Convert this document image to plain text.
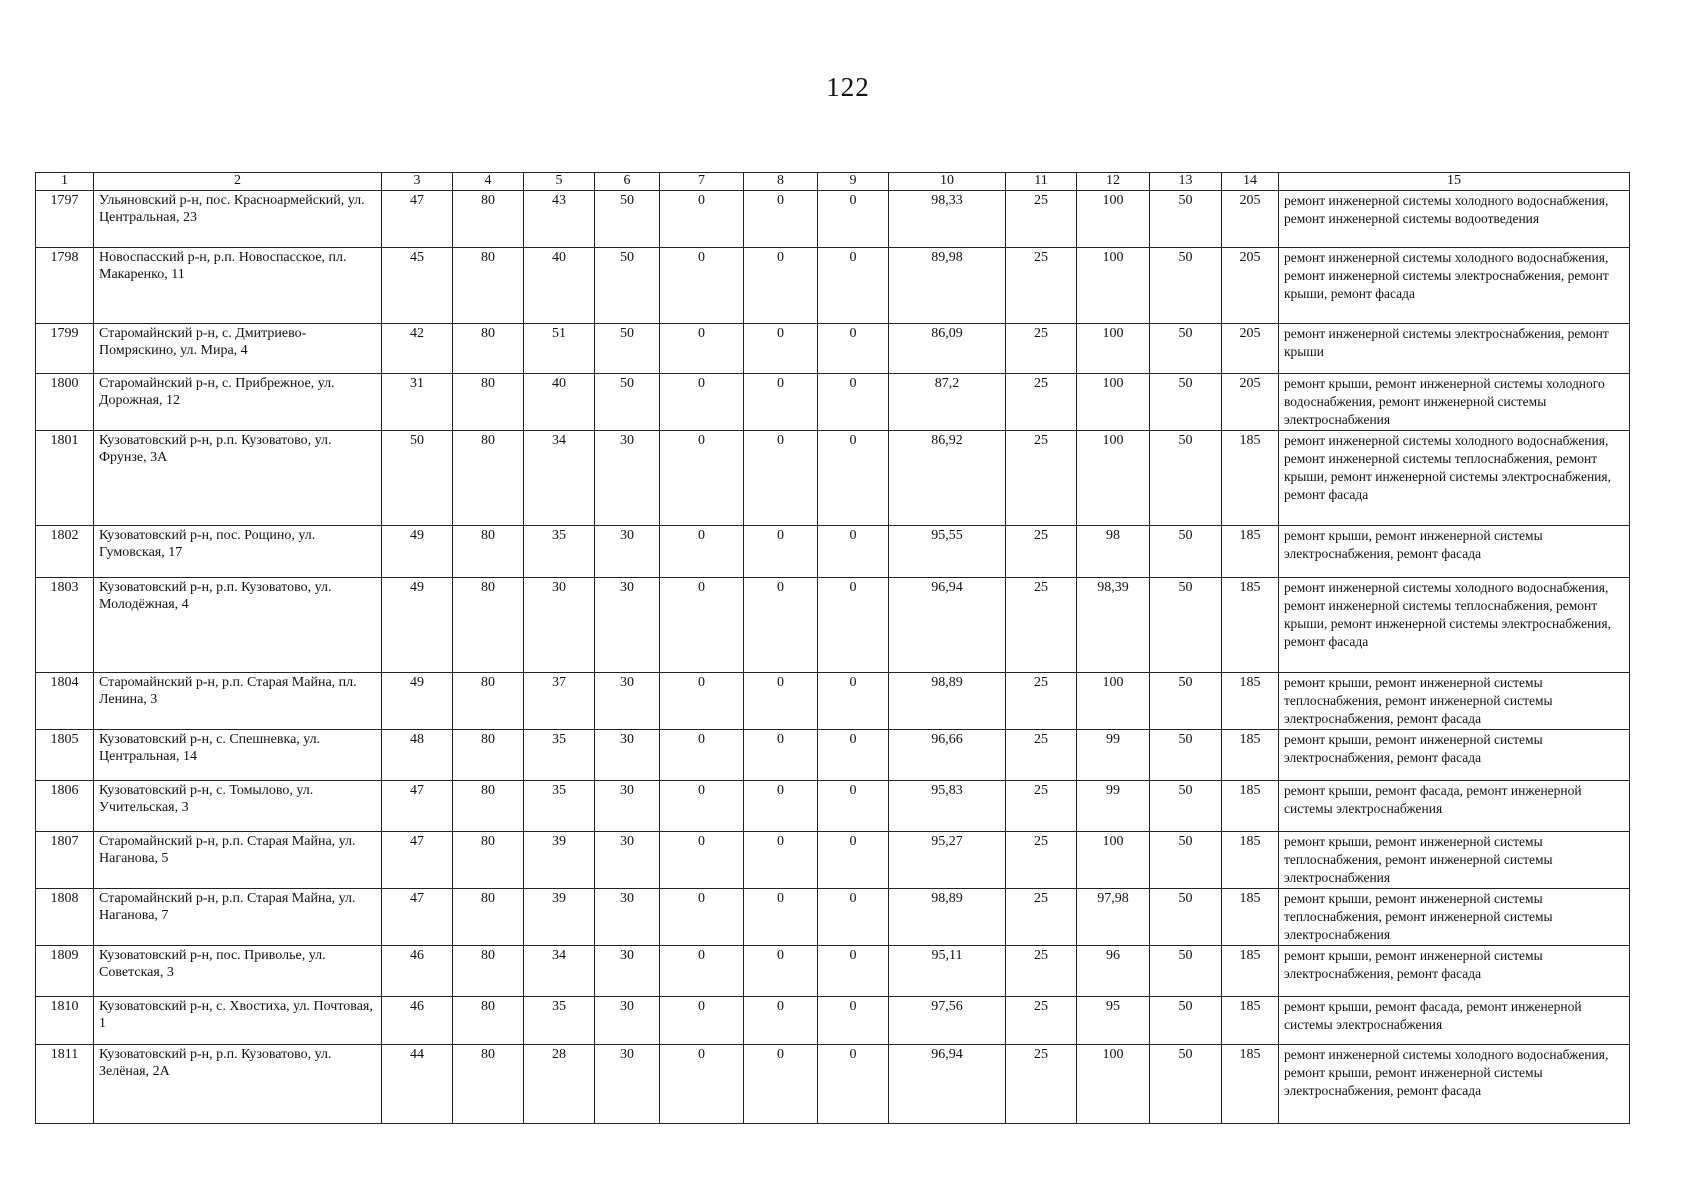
122
1	2	3	4	5	6	7	8	9	10	11	12	13	14	15
1797	Ульяновский р-н, пос. Красноармейский, ул. Центральная, 23	47	80	43	50	0	0	0	98,33	25	100	50	205	ремонт инженерной системы холодного водоснабжения, ремонт инженерной системы водоотведения
1798	Новоспасский р-н, р.п. Новоспасское, пл. Макаренко, 11	45	80	40	50	0	0	0	89,98	25	100	50	205	ремонт инженерной системы холодного водоснабжения, ремонт инженерной системы электроснабжения, ремонт крыши, ремонт фасада
1799	Старомайнский р-н, с. Дмитриево-Помряскино, ул. Мира, 4	42	80	51	50	0	0	0	86,09	25	100	50	205	ремонт инженерной системы электроснабжения, ремонт крыши
1800	Старомайнский р-н, с. Прибрежное, ул. Дорожная, 12	31	80	40	50	0	0	0	87,2	25	100	50	205	ремонт крыши, ремонт инженерной системы холодного водоснабжения, ремонт инженерной системы электроснабжения
1801	Кузоватовский р-н, р.п. Кузоватово, ул. Фрунзе, 3А	50	80	34	30	0	0	0	86,92	25	100	50	185	ремонт инженерной системы холодного водоснабжения, ремонт инженерной системы теплоснабжения, ремонт крыши, ремонт инженерной системы электроснабжения, ремонт фасада
1802	Кузоватовский р-н, пос. Рощино, ул. Гумовская, 17	49	80	35	30	0	0	0	95,55	25	98	50	185	ремонт крыши, ремонт инженерной системы электроснабжения, ремонт фасада
1803	Кузоватовский р-н, р.п. Кузоватово, ул. Молодёжная, 4	49	80	30	30	0	0	0	96,94	25	98,39	50	185	ремонт инженерной системы холодного водоснабжения, ремонт инженерной системы теплоснабжения, ремонт крыши, ремонт инженерной системы электроснабжения, ремонт фасада
1804	Старомайнский р-н, р.п. Старая Майна, пл. Ленина, 3	49	80	37	30	0	0	0	98,89	25	100	50	185	ремонт крыши, ремонт инженерной системы теплоснабжения, ремонт инженерной системы электроснабжения, ремонт фасада
1805	Кузоватовский р-н, с. Спешневка, ул. Центральная, 14	48	80	35	30	0	0	0	96,66	25	99	50	185	ремонт крыши, ремонт инженерной системы электроснабжения, ремонт фасада
1806	Кузоватовский р-н, с. Томылово, ул. Учительская, 3	47	80	35	30	0	0	0	95,83	25	99	50	185	ремонт крыши, ремонт фасада, ремонт инженерной системы электроснабжения
1807	Старомайнский р-н, р.п. Старая Майна, ул. Наганова, 5	47	80	39	30	0	0	0	95,27	25	100	50	185	ремонт крыши, ремонт инженерной системы теплоснабжения, ремонт инженерной системы электроснабжения
1808	Старомайнский р-н, р.п. Старая Майна, ул. Наганова, 7	47	80	39	30	0	0	0	98,89	25	97,98	50	185	ремонт крыши, ремонт инженерной системы теплоснабжения, ремонт инженерной системы электроснабжения
1809	Кузоватовский р-н, пос. Приволье, ул. Советская, 3	46	80	34	30	0	0	0	95,11	25	96	50	185	ремонт крыши, ремонт инженерной системы электроснабжения, ремонт фасада
1810	Кузоватовский р-н, с. Хвостиха, ул. Почтовая, 1	46	80	35	30	0	0	0	97,56	25	95	50	185	ремонт крыши, ремонт фасада, ремонт инженерной системы электроснабжения
1811	Кузоватовский р-н, р.п. Кузоватово, ул. Зелёная, 2А	44	80	28	30	0	0	0	96,94	25	100	50	185	ремонт инженерной системы холодного водоснабжения, ремонт крыши, ремонт инженерной системы электроснабжения, ремонт фасада
